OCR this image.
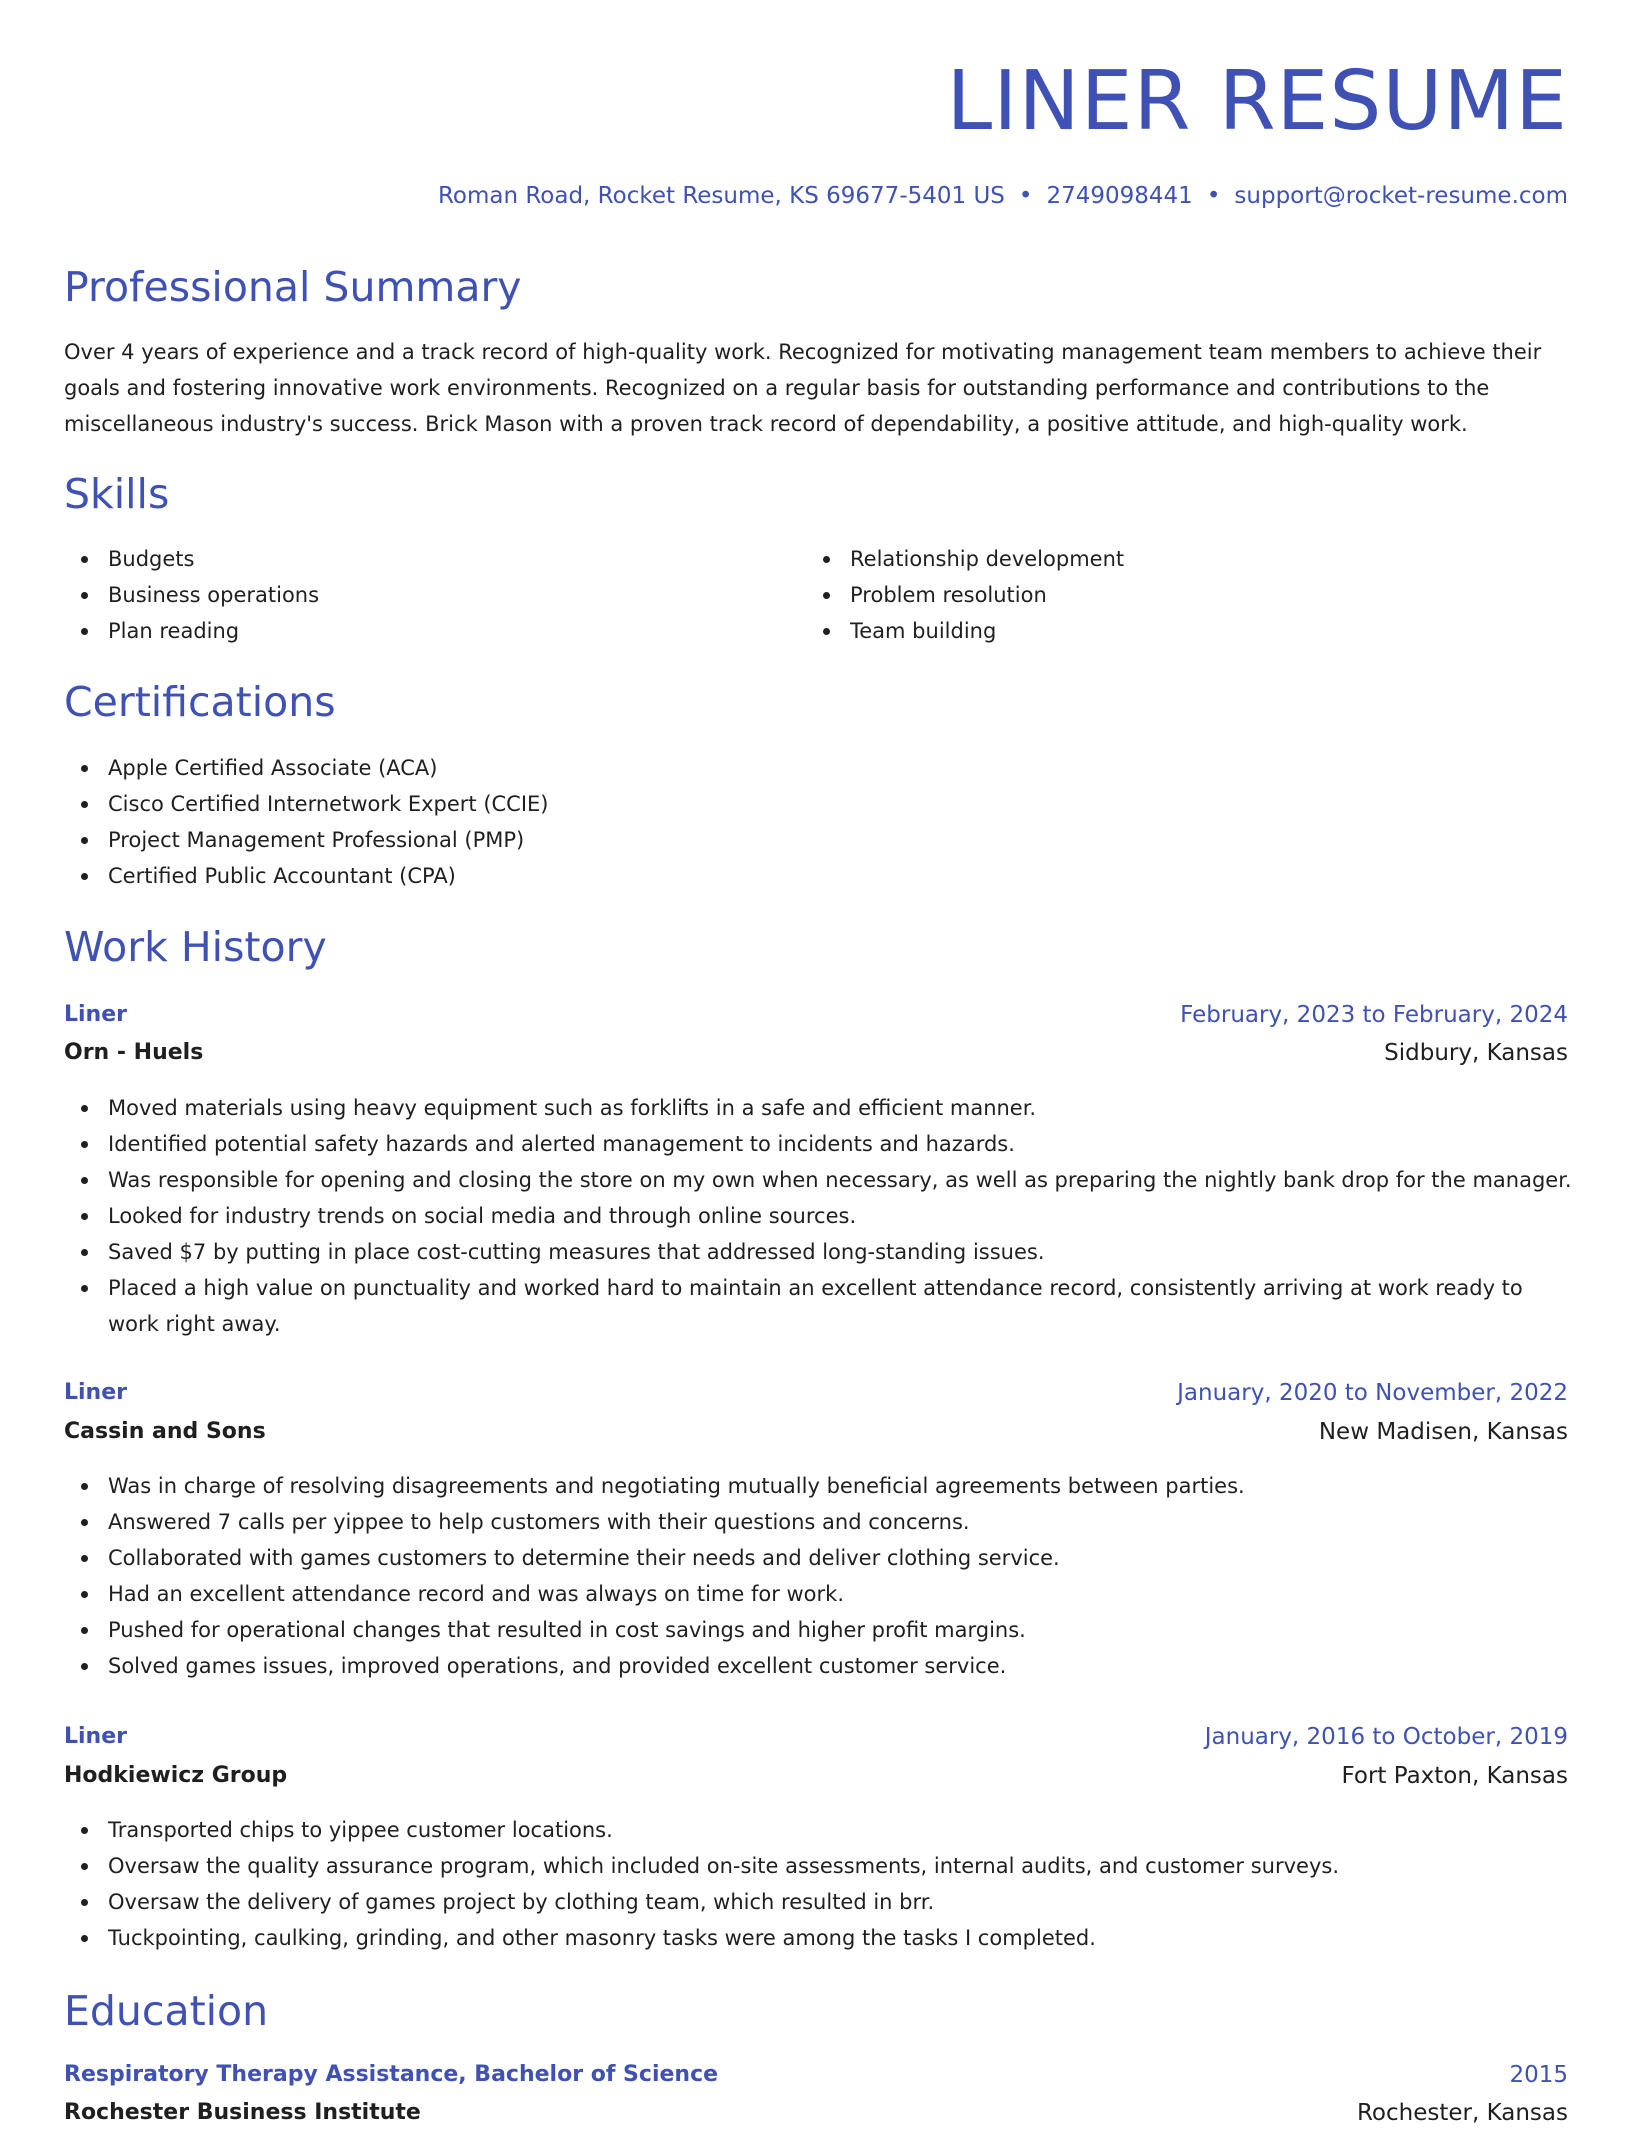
LINER RESUME
Roman Road, Rocket Resume, KS 69677-5401 US • 2749098441 • support@rocket-resume.com
Professional Summary

Over 4 years of experience and a track record of high-quality work. Recognized for motivating management team members to achieve their goals and fostering innovative work environments. Recognized on a regular basis for outstanding performance and contributions to the miscellaneous industry's success. Brick Mason with a proven track record of dependability, a positive attitude, and high-quality work.

Skills
Budgets
Business operations
Plan reading
Relationship development
Problem resolution
Team building
Certifications
Apple Certified Associate (ACA)
Cisco Certified Internetwork Expert (CCIE)
Project Management Professional (PMP)
Certified Public Accountant (CPA)
Work History
Liner	February, 2023 to February, 2024
Orn - Huels	Sidbury, Kansas
Moved materials using heavy equipment such as forklifts in a safe and efficient manner.
Identified potential safety hazards and alerted management to incidents and hazards.
Was responsible for opening and closing the store on my own when necessary, as well as preparing the nightly bank drop for the manager.
Looked for industry trends on social media and through online sources.
Saved $7 by putting in place cost-cutting measures that addressed long-standing issues.
Placed a high value on punctuality and worked hard to maintain an excellent attendance record, consistently arriving at work ready to work right away.
Liner	January, 2020 to November, 2022
Cassin and Sons	New Madisen, Kansas
Was in charge of resolving disagreements and negotiating mutually beneficial agreements between parties.
Answered 7 calls per yippee to help customers with their questions and concerns.
Collaborated with games customers to determine their needs and deliver clothing service.
Had an excellent attendance record and was always on time for work.
Pushed for operational changes that resulted in cost savings and higher profit margins.
Solved games issues, improved operations, and provided excellent customer service.
Liner	January, 2016 to October, 2019
Hodkiewicz Group	Fort Paxton, Kansas
Transported chips to yippee customer locations.
Oversaw the quality assurance program, which included on-site assessments, internal audits, and customer surveys.
Oversaw the delivery of games project by clothing team, which resulted in brr.
Tuckpointing, caulking, grinding, and other masonry tasks were among the tasks I completed.
Education
Respiratory Therapy Assistance, Bachelor of Science	2015
Rochester Business Institute	Rochester, Kansas
